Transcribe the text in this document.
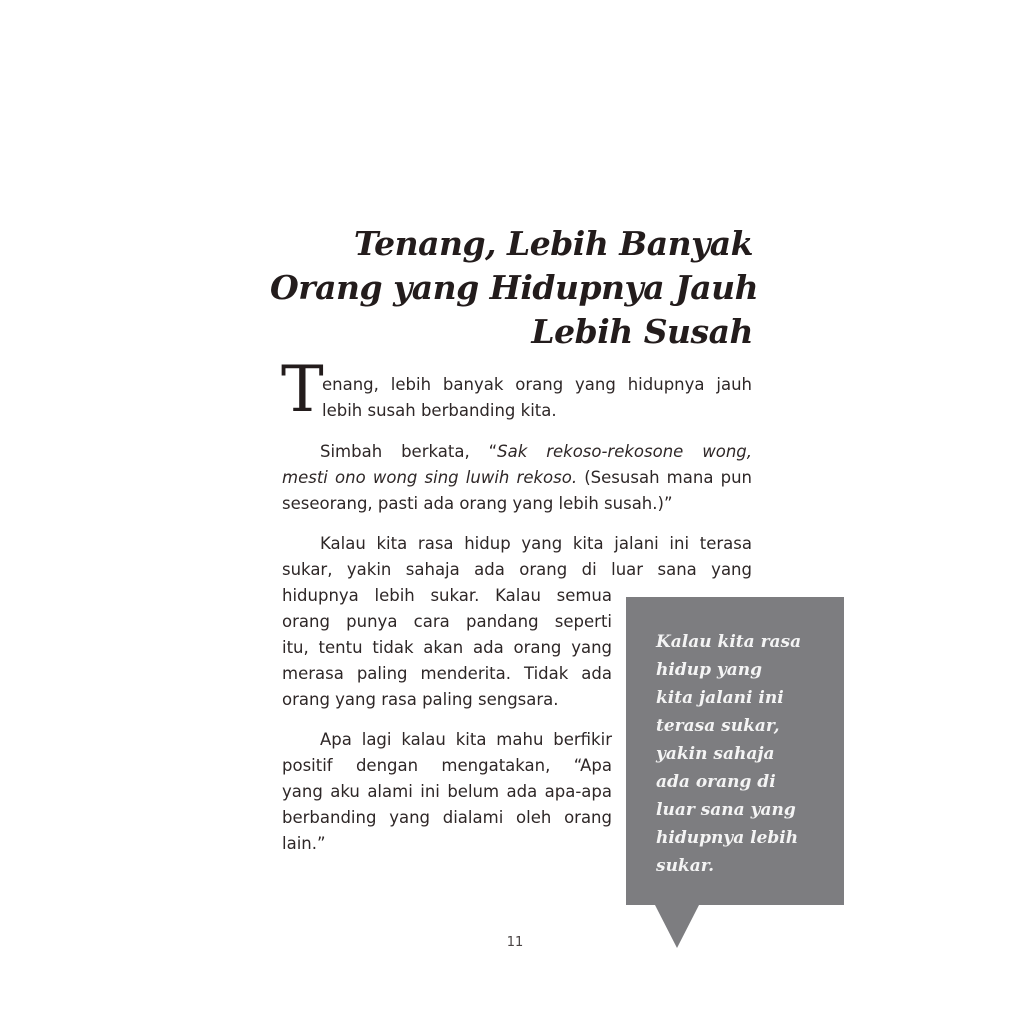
Tenang, Lebih Banyak
Orang yang Hidupnya Jauh
Lebih Susah
T
enang, lebih banyak orang yang hidupnya jauh
lebih susah berbanding kita.
Simbah berkata, “Sak rekoso-rekosone wong,
mesti ono wong sing luwih rekoso. (Sesusah mana pun
seseorang, pasti ada orang yang lebih susah.)”
Kalau kita rasa hidup yang kita jalani ini terasa
sukar, yakin sahaja ada orang di luar sana yang
hidupnya lebih sukar. Kalau semua
orang punya cara pandang seperti
itu, tentu tidak akan ada orang yang
merasa paling menderita. Tidak ada
orang yang rasa paling sengsara.
Apa lagi kalau kita mahu berfikir
positif dengan mengatakan, “Apa
yang aku alami ini belum ada apa-apa
berbanding yang dialami oleh orang
lain.”
Kalau kita rasa
hidup yang
kita jalani ini
terasa sukar,
yakin sahaja
ada orang di
luar sana yang
hidupnya lebih
sukar.
11
